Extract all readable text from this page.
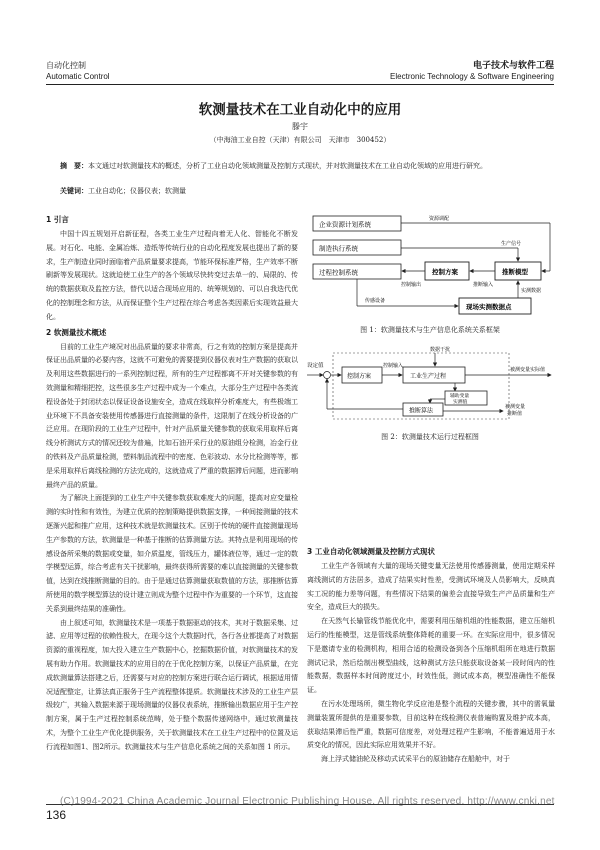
自动化控制
Automatic Control
电子技术与软件工程
Electronic Technology & Software Engineering
软测量技术在工业自动化中的应用
滕宇
（中海油工业自控（天津）有限公司　天津市　300452）
摘　要：本文通过对软测量技术的概述，分析了工业自动化领域测量及控制方式现状，并对软测量技术在工业自动化领域的应用进行研究。
关键词：工业自动化；仪器仪表；软测量
1 引言

中国十四五规划开启新征程，各类工业生产过程向着无人化、智能化不断发展。对石化、电能、金属冶炼、造纸等传统行业的自动化程度发展也提出了新的要求，生产制造业同时面临着产品质量要求提高，节能环保标准严格，生产效率不断刷新等发展现状。这就迫使工业生产的各个领域尽快转变过去单一的、局限的、传统的数据获取及监控方法，替代以适合现场应用的、统筹规划的、可以自我迭代优化的控制理念和方法，从而保证整个生产过程在综合考虑各类因素后实现效益最大化。

2 软测量技术概述

目前的工业生产境况对出品质量的要求非常高，行之有效的控制方案是提高并保证出品质量的必要内容，这就不可避免的需要提到仪器仪表对生产数据的获取以及利用这些数据进行的一系列控制过程，所有的生产过程都离不开对关键参数的有效测量和精细把控，这些很多生产过程中成为一个难点，大部分生产过程中各类流程设备处于封闭状态以保证设备设施安全，造成在线取样分析难度大，有些极端工业环境下不具备安装使用传感器进行直接测量的条件，这限制了在线分析设备的广泛应用。在现阶段的工业生产过程中，针对产品质量关键参数的获取采用取样后离线分析测试方式的情况还较为普遍，比如石油开采行业的原油组分检测，冶金行业的铁料及产品质量检测，塑料制品流程中的密度、色彩波动、水分比检测等等，都是采用取样后离线检测的方法完成的，这就造成了严重的数据滞后问题，进而影响最终产品的质量。

为了解决上面提到的工业生产中关键参数获取难度大的问题，提高对应变量检测的实时性和有效性，为建立优质的控制策略提供数据支撑，一种间接测量的技术逐渐兴起和推广应用，这种技术就是软测量技术。区别于传统的硬件直接测量现场生产参数的方法，软测量是一种基于推断的估算测量方法。其特点是利用现场的传感设备所采集的数据或变量，如介质温度，管线压力，罐体液位等，通过一定的数学模型运算，综合考虑有关干扰影响，最终获得所需要的难以直接测量的关键参数值，达到在线推断测量的目的。由于是通过估算测量获取数值的方法，那推断估算所使用的数学模型算法的设计建立则成为整个过程中作为重要的一个环节，这直接关系到最终结果的准确性。

由上叙述可知，软测量技术是一项基于数据驱动的技术，其对于数据采集、过滤、应用等过程的依赖性极大，在现今这个大数据时代，各行各业都提高了对数据资源的重视程度，加大投入建立生产数据中心，挖掘数据价值，对软测量技术的发展有助力作用。软测量技术的应用目的在于优化控制方案，以保证产品质量，在完成软测量算法搭建之后，还需要与对应的控制方案进行联合运行调试，根据适用情况适配整定，让算法真正服务于生产流程整体提质。软测量技术涉及的工业生产层级较广，其输入数据来源于现场测量的仪器仪表系统，推断输出数据应用于生产控制方案，属于生产过程控制系统范畴，处于整个数据传递网络中，通过软测量技术，为整个工业生产优化提供服务，关于软测量技术在工业生产过程中的位置及运行流程如图1、图2所示。软测量技术与生产信息化系统之间的关系如图 1 所示。

企业资源计划系统
制造执行系统
过程控制系统	控制方案	推断模型
现场实测数据点
资源调配
生产信号
控制输出	推断输入
传感设备
实测数据
图 1：软测量技术与生产信息化系统关系框架
设定值
控制方案
控制输入
数据干扰
工业生产过程
被测变量实际值
辅助变量
实测值
推断算法
被测变量
推断值
图 2：软测量技术运行过程框图

3 工业自动化领域测量及控制方式现状

工业生产各领域有大量的现场关键变量无法使用传感器测量，使用定期采样离线测试的方法居多，造成了结果实时性差，受测试环境及人员影响大，反映真实工况的能力差等问题，有些情况下结果的偏差会直接导致生产产品质量和生产安全，造成巨大的损失。

在天然气长输管线节能优化中，需要利用压缩机组的性能数据，建立压缩机运行的性能模型，这是管线系统整体降耗的重要一环。在实际应用中，很多情况下是邀请专业的检测机构，相用合适的检测设备到各个压缩机组所在地进行数据测试记录，然后绘制出模型曲线，这种测试方法只能获取设备某一段时间内的性能数据，数据样本时间跨度过小，时效性低，测试成本高，模型准确性不能保证。

在污水处理场所，微生物化学反应池是整个流程的关键步骤，其中的需氧量测量装置所提供的是重要参数，目前这种在线检测仪表普遍购置及维护成本高，获取结果滞后性严重，数据可信度差，对处理过程产生影响，不能普遍适用于水质变化的情况，因此实际应用效果并不好。

海上浮式储油轮及移动式试采平台的原油储存在船舱中，对于

(C)1994-2021 China Academic Journal Electronic Publishing House. All rights reserved. http://www.cnki.net
136
